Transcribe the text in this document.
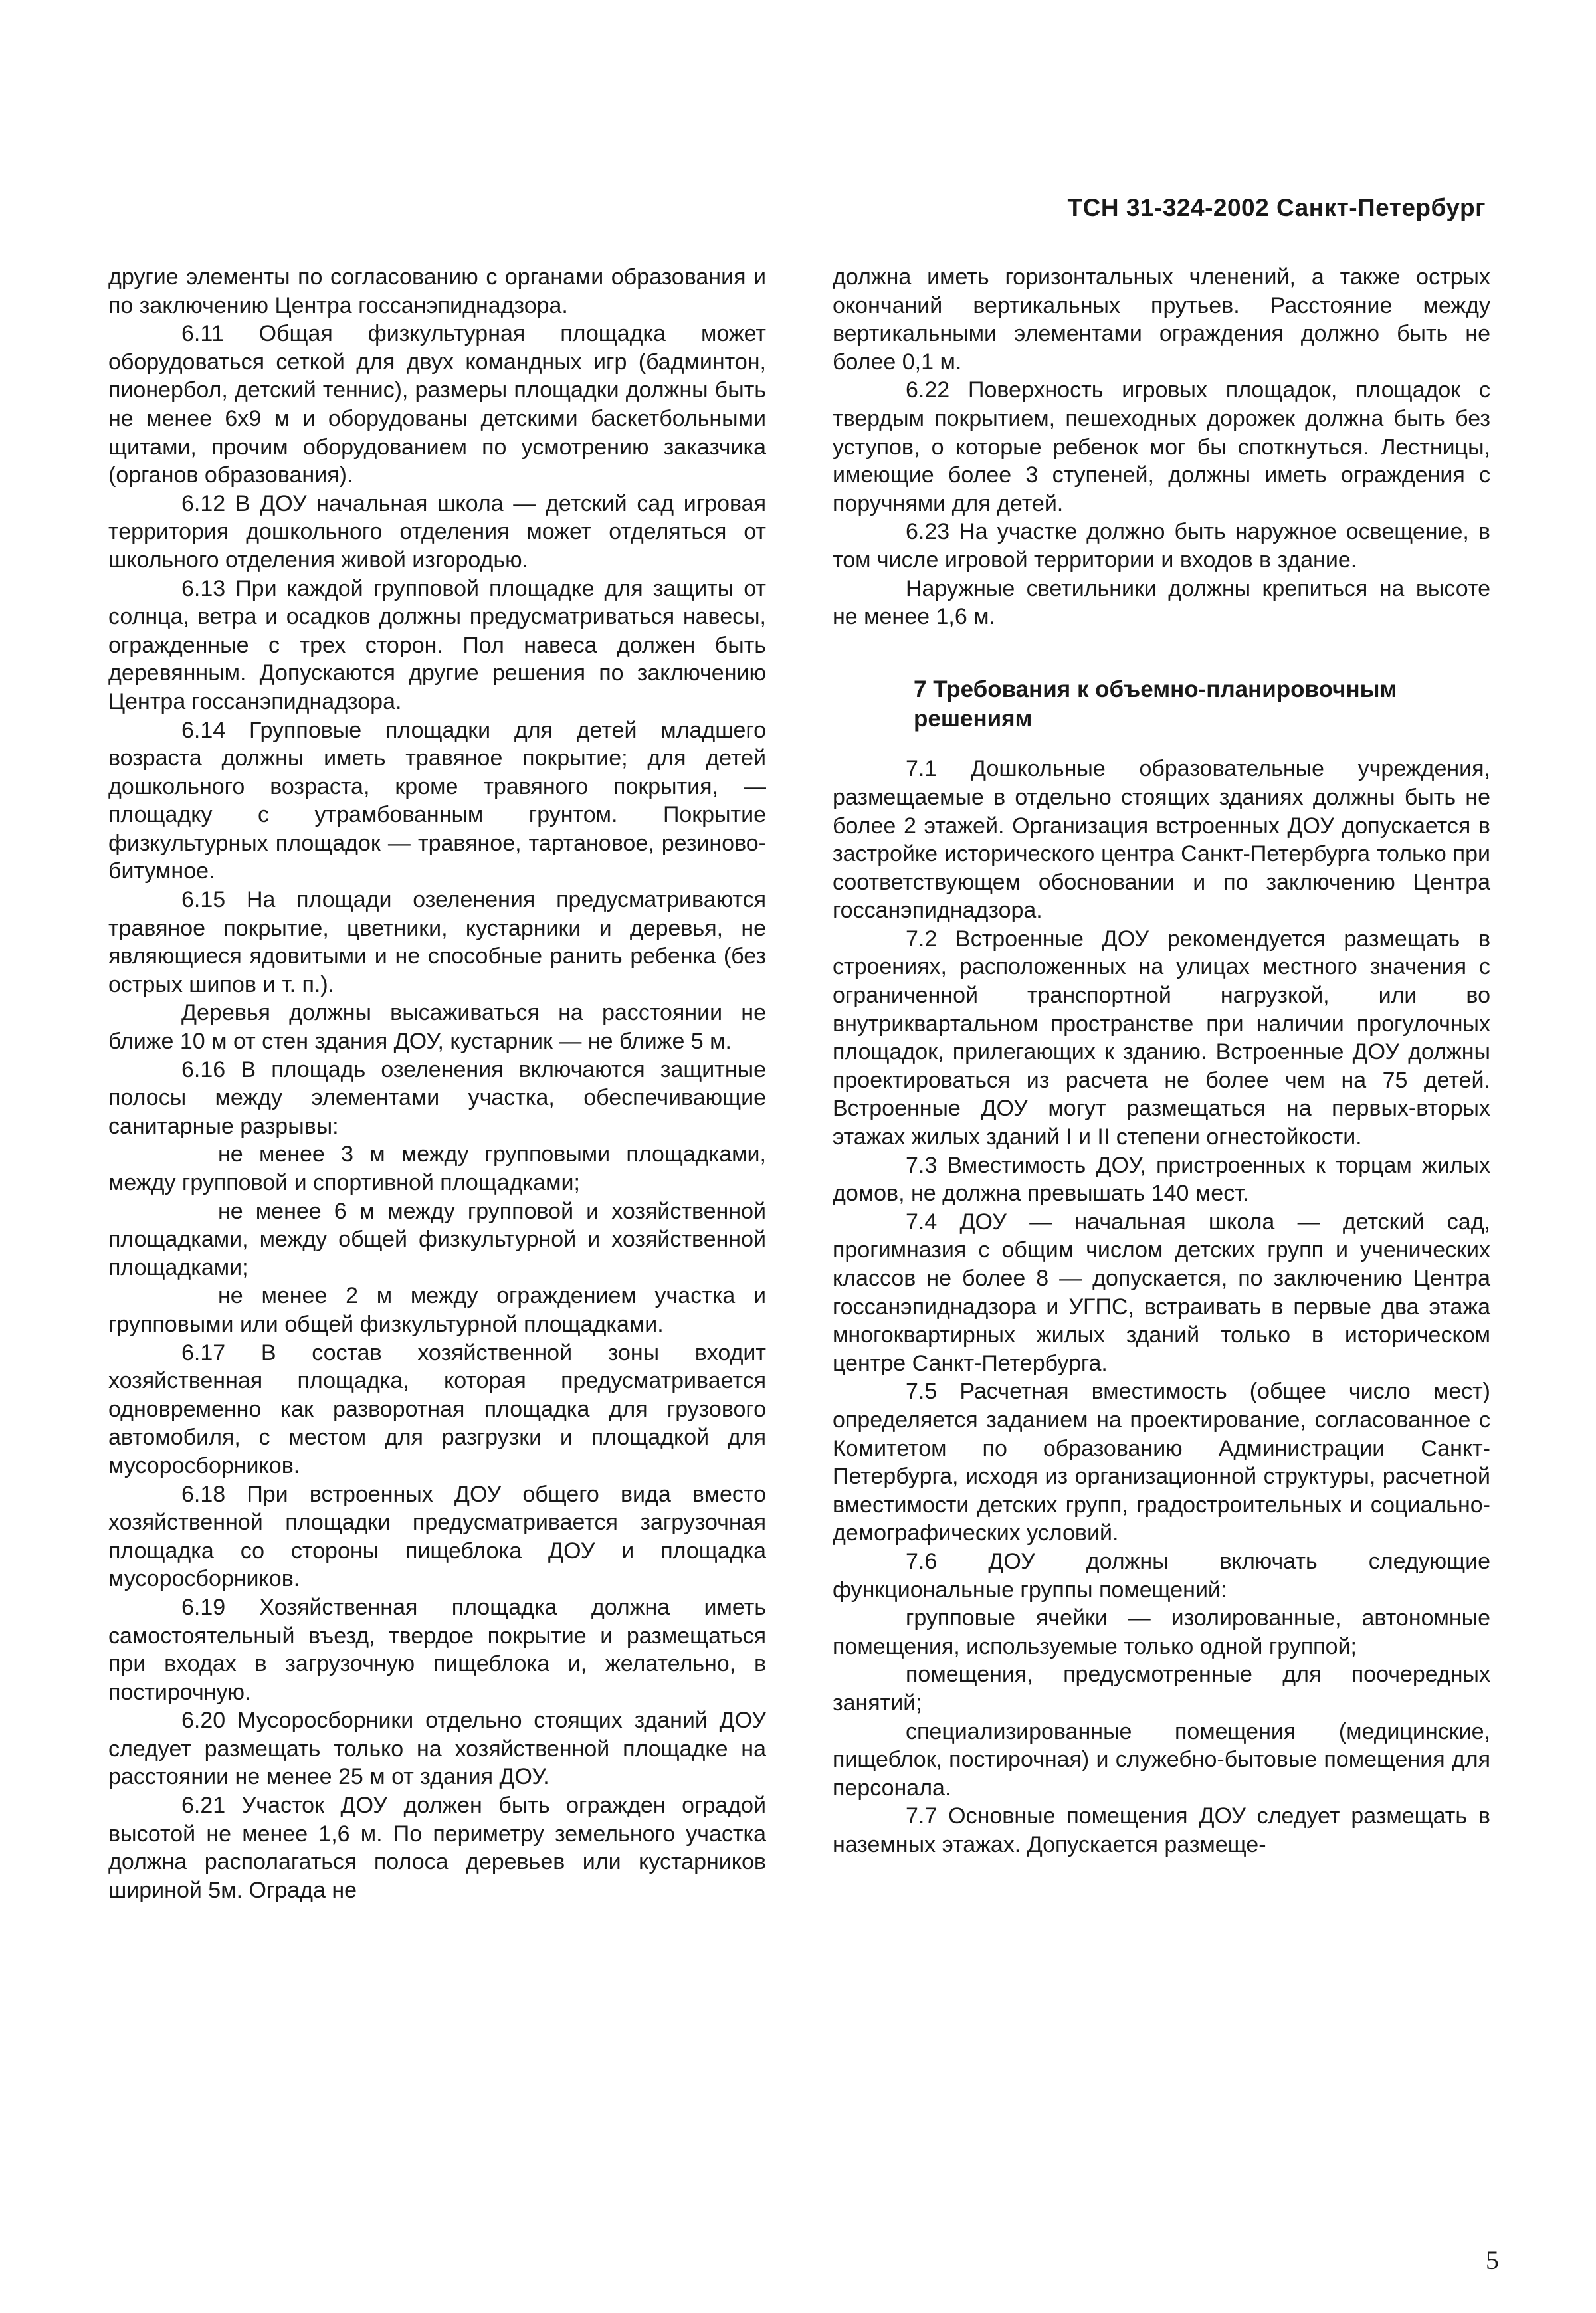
ТСН 31-324-2002 Санкт-Петербург

другие элементы по согласованию с органами образования и по заключению Центра госсанэпиднадзора.

6.11 Общая физкультурная площадка может оборудоваться сеткой для двух командных игр (бадминтон, пионербол, детский теннис), размеры площадки должны быть не менее 6x9 м и оборудованы детскими баскетбольными щитами, прочим оборудованием по усмотрению заказчика (органов образования).

6.12 В ДОУ начальная школа — детский сад игровая территория дошкольного отделения может отделяться от школьного отделения живой изгородью.

6.13 При каждой групповой площадке для защиты от солнца, ветра и осадков должны предусматриваться навесы, огражденные с трех сторон. Пол навеса должен быть деревянным. Допускаются другие решения по заключению Центра госсанэпиднадзора.

6.14 Групповые площадки для детей младшего возраста должны иметь травяное покрытие; для детей дошкольного возраста, кроме травяного покрытия, — площадку с утрамбованным грунтом. Покрытие физкультурных площадок — травяное, тартановое, резиново-битумное.

6.15 На площади озеленения предусматриваются травяное покрытие, цветники, кустарники и деревья, не являющиеся ядовитыми и не способные ранить ребенка (без острых шипов и т. п.).

Деревья должны высаживаться на расстоянии не ближе 10 м от стен здания ДОУ, кустарник — не ближе 5 м.

6.16 В площадь озеленения включаются защитные полосы между элементами участка, обеспечивающие санитарные разрывы:

не менее 3 м между групповыми площадками, между групповой и спортивной площадками;

не менее 6 м между групповой и хозяйственной площадками, между общей физкультурной и хозяйственной площадками;

не менее 2 м между ограждением участка и групповыми или общей физкультурной площадками.

6.17 В состав хозяйственной зоны входит хозяйственная площадка, которая предусматривается одновременно как разворотная площадка для грузового автомобиля, с местом для разгрузки и площадкой для мусоросборников.

6.18 При встроенных ДОУ общего вида вместо хозяйственной площадки предусматривается загрузочная площадка со стороны пищеблока ДОУ и площадка мусоросборников.

6.19 Хозяйственная площадка должна иметь самостоятельный въезд, твердое покрытие и размещаться при входах в загрузочную пищеблока и, желательно, в постирочную.

6.20 Мусоросборники отдельно стоящих зданий ДОУ следует размещать только на хозяйственной площадке на расстоянии не менее 25 м от здания ДОУ.

6.21 Участок ДОУ должен быть огражден оградой высотой не менее 1,6 м. По периметру земельного участка должна располагаться полоса деревьев или кустарников шириной 5м. Ограда не

должна иметь горизонтальных членений, а также острых окончаний вертикальных прутьев. Расстояние между вертикальными элементами ограждения должно быть не более 0,1 м.

6.22 Поверхность игровых площадок, площадок с твердым покрытием, пешеходных дорожек должна быть без уступов, о которые ребенок мог бы споткнуться. Лестницы, имеющие более 3 ступеней, должны иметь ограждения с поручнями для детей.

6.23 На участке должно быть наружное освещение, в том числе игровой территории и входов в здание.

Наружные светильники должны крепиться на высоте не менее 1,6 м.

7 Требования к объемно-планировочным решениям

7.1 Дошкольные образовательные учреждения, размещаемые в отдельно стоящих зданиях должны быть не более 2 этажей. Организация встроенных ДОУ допускается в застройке исторического центра Санкт-Петербурга только при соответствующем обосновании и по заключению Центра госсанэпиднадзора.

7.2 Встроенные ДОУ рекомендуется размещать в строениях, расположенных на улицах местного значения с ограниченной транспортной нагрузкой, или во внутриквартальном пространстве при наличии прогулочных площадок, прилегающих к зданию. Встроенные ДОУ должны проектироваться из расчета не более чем на 75 детей. Встроенные ДОУ могут размещаться на первых-вторых этажах жилых зданий I и II степени огнестойкости.

7.3 Вместимость ДОУ, пристроенных к торцам жилых домов, не должна превышать 140 мест.

7.4 ДОУ — начальная школа — детский сад, прогимназия с общим числом детских групп и ученических классов не более 8 — допускается, по заключению Центра госсанэпиднадзора и УГПС, встраивать в первые два этажа многоквартирных жилых зданий только в историческом центре Санкт-Петербурга.

7.5 Расчетная вместимость (общее число мест) определяется заданием на проектирование, согласованное с Комитетом по образованию Администрации Санкт-Петербурга, исходя из организационной структуры, расчетной вместимости детских групп, градостроительных и социально-демографических условий.

7.6 ДОУ должны включать следующие функциональные группы помещений:

групповые ячейки — изолированные, автономные помещения, используемые только одной группой;

помещения, предусмотренные для поочередных занятий;

специализированные помещения (медицинские, пищеблок, постирочная) и служебно-бытовые помещения для персонала.

7.7 Основные помещения ДОУ следует размещать в наземных этажах. Допускается размеще-

5
